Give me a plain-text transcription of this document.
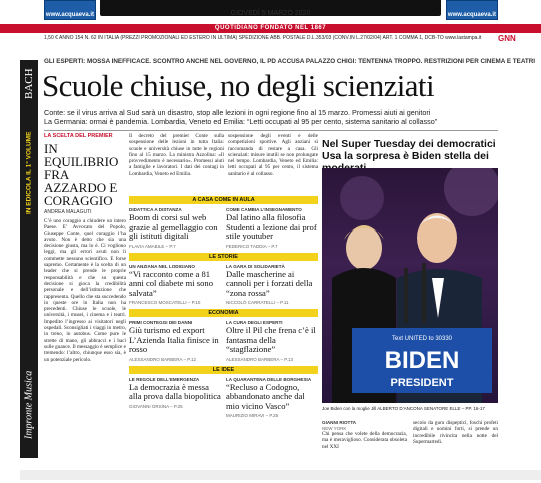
www.acquaeva.it	www.acquaeva.it
GIOVEDÌ 5 MARZO 2020
QUOTIDIANO FONDATO NEL 1867
1,50 € ANNO 154 N. 62 IN ITALIA (PREZZI PROMOZIONALI ED ESTERO IN ULTIMA) SPEDIZIONE ABB. POSTALE D.L.353/03 (CONV.IN L.27/02/04) ART. 1 COMMA 1, DCB-TO www.lastampa.it	GNN
BACH
IN EDICOLA IL 1° VOLUME
Impronte Musica
GLI ESPERTI: MOSSA INEFFICACE. SCONTRO ANCHE NEL GOVERNO, IL PD ACCUSA PALAZZO CHIGI: TENTENNA TROPPO. RESTRIZIONI PER CINEMA E TEATRI
Scuole chiuse, no degli scienziati
Conte: se il virus arriva al Sud sarà un disastro, stop alle lezioni in ogni regione fino al 15 marzo. Promessi aiuti ai genitori
La Germania: ormai è pandemia. Lombardia, Veneto ed Emilia: “Letti occupati al 95 per cento, sistema sanitario al collasso”
LA SCELTA DEL PREMIER
IN EQUILIBRIO FRA AZZARDO E CORAGGIO
ANDREA MALAGUTI
C’è uno coraggio a chiudere un intero Paese. E’ Avvocato del Popolo, Giuseppe Conte, quel coraggio l’ha avuto. Non è detto che sia una decisione giusta, ma lo è. Ci vogliono leggi, ma gli errori avuti non li commette nessuno scientifico. E forse sapremo. Certamente è la scelta di un leader che si prende le proprie responsabilità e che su questa decisione si gioca la credibilità personale e dell’istituzione che rappresenta. Quello che sta succedendo in queste ore in Italia non ha precedenti. Chiuse le scuole, le università, i musei, i cinema e i teatri. Impedito l’ingresso ai visitatori negli ospedali. Sconsigliati i viaggi in metro, in treno, in autobus. Come pure le strette di mano, gli abbracci e i baci sulle guance. Il messaggio è semplice e tremendo: l’altro, chiunque esso sia, è un potenziale pericolo.
Il decreto del premier Conte sulla sospensione delle lezioni in tutta Italia: scuole e università chiuse in tutte le regioni fino al 15 marzo. La ministra Azzolina: «Il provvedimento è necessario». Promessi aiuti a famiglie e lavoratori. I dati dei contagi in Lombardia, Veneto ed Emilia.
sospensione degli eventi e delle competizioni sportive. Agli anziani si raccomanda di restare a casa. Gli scienziati: misure inutili se non prolungate nel tempo. Lombardia, Veneto ed Emilia: letti occupati al 95 per cento, il sistema sanitario è al collasso.
A CASA COME IN AULA
DIDATTICA A DISTANZA
Boom di corsi sul web grazie al gemellaggio con gli istituti digitali
FLAVIA AMABILE – P.7
COME CAMBIA L’INSEGNAMENTO
Dal latino alla filosofia Studenti a lezione dai prof stile youtuber
FEDERICO TADDIA – P.7
LE STORIE
UN ANZIANA NEL LODIGIANO
“Vi racconto come a 81 anni col diabete mi sono salvata”
FRANCESCO MOSCATELLI – P.10
LA GARA DI SOLIDARIETÀ
Dalle mascherine ai cannoli per i forzati della “zona rossa”
NICCOLÒ CARRATELLI – P.11
ECONOMIA
PRIMI CONTEGGI DEI DANNI
Giù turismo ed export L’Azienda Italia finisce in rosso
ALESSANDRO BARBERA – P.12
LA CURA DEGLI ESPERTI
Oltre il Pil che frena c’è il fantasma della “stagflazione”
ALESSANDRO BARBERA – P.13
LE IDEE
LE REGOLE DELL’EMERGENZA
La democrazia è messa alla prova dalla biopolitica
GIOVANNI ORSINA – P.25
LA QUARANTENA DELLE BORGHESIA
“Recluso a Codogno, abbandonato anche dal mio vicino Vasco”
MAURIZIO MIRAVI – P.25
Nel Super Tuesday dei democratici Usa la sorpresa è Biden stella dei
Text UNITED to 30330
BIDEN
PRESIDENT
Joe Biden con la moglie Jill ALBERTO D’ANCONA SENATORE ELLE – PP. 16-17
GIANNI RIOTTA
NEW YORK
Chi pensa che volete della democrazia, ma è meraviglioso. Considerata obsoleta nel XXI
secolo da guru dispeptici, foschi profeti digitali e uomini forti, si prende un incredibile rivincita nella notte del Supermartedì.
